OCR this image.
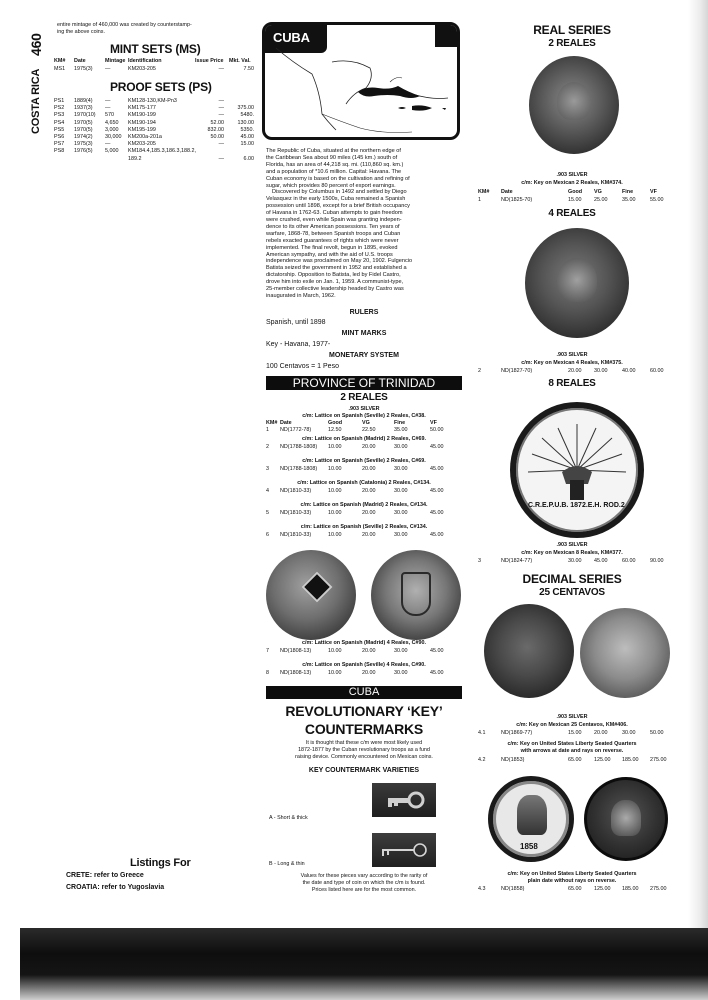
460
COSTA RICA
entire mintage of 460,000 was created by counterstamp-
ing the above coins.
MINT SETS (MS)
KM# Date	Mintage Identification	Issue Price Mkt. Val.
MS1 1975(3) —	KM203-205	—	7.50
PROOF SETS (PS)
PS1 1889(4) —	KM128-130,KM-Pn3	—
PS2 1937(3) —	KM175-177	—	375.00
PS3 1970(10) 570	KM190-199	—	5480.
PS4 1970(5) 4,650 KM190-194	52.00	130.00
PS5 1970(5) 3,000 KM195-199	832.00	5350.
PS6 1974(2) 30,000 KM200a-201a	50.00	45.00
PS7 1975(3) —	KM203-205	—	15.00
PS8 1976(5) 5,000 KM184.4,185.3,186.3,188.2,
189.2	—	6.00
Listings For
CRETE: refer to Greece
CROATIA: refer to Yugoslavia
CUBA
The Republic of Cuba, situated at the northern edge of
the Caribbean Sea about 90 miles (145 km.) south of
Florida, has an area of 44,218 sq. mi. (110,860 sq. km.)
and a population of *10.6 million. Capital: Havana. The
Cuban economy is based on the cultivation and refining of
sugar, which provides 80 percent of export earnings.
Discovered by Columbus in 1492 and settled by Diego
Velasquez in the early 1500s, Cuba remained a Spanish
possession until 1898, except for a brief British occupancy
of Havana in 1762-63. Cuban attempts to gain freedom
were crushed, even while Spain was granting indepen-
dence to its other American possessions. Ten years of
warfare, 1868-78, between Spanish troops and Cuban
rebels exacted guarantees of rights which were never
implemented. The final revolt, begun in 1895, evoked
American sympathy, and with the aid of U.S. troops
independence was proclaimed on May 20, 1902. Fulgencio
Batista seized the government in 1952 and established a
dictatorship. Opposition to Batista, led by Fidel Castro,
drove him into exile on Jan. 1, 1959. A communist-type,
25-member collective leadership headed by Castro was
inaugurated in March, 1962.
RULERS
Spanish, until 1898
MINT MARKS
Key - Havana, 1977-
MONETARY SYSTEM
100 Centavos = 1 Peso
PROVINCE OF TRINIDAD
2 REALES
.903 SILVER
KM# Date	Good	VG	Fine	VF
c/m: Lattice on Spanish (Seville) 2 Reales, C#38.
1 ND(1772-78)	12.50	22.50	35.00	50.00
c/m: Lattice on Spanish (Madrid) 2 Reales, C#69.
2 ND(1788-1808) 10.00	20.00	30.00	45.00
c/m: Lattice on Spanish (Seville) 2 Reales, C#69.
3 ND(1788-1808) 10.00	20.00	30.00	45.00
c/m: Lattice on Spanish (Catalonia) 2 Reales, C#134.
4 ND(1810-33)	10.00	20.00	30.00	45.00
c/m: Lattice on Spanish (Madrid) 2 Reales, C#134.
5 ND(1810-33)	10.00	20.00	30.00	45.00
c/m: Lattice on Spanish (Seville) 2 Reales, C#134.
6 ND(1810-33)	10.00	20.00	30.00	45.00
c/m: Lattice on Spanish (Madrid) 4 Reales, C#90.
7 ND(1808-13)	10.00	20.00	30.00	45.00
c/m: Lattice on Spanish (Seville) 4 Reales, C#90.
8 ND(1808-13)	10.00	20.00	30.00	45.00
CUBA
REVOLUTIONARY ‘KEY’
COUNTERMARKS
It is thought that these c/m were most likely used
1872-1877 by the Cuban revolutionary troops as a fund
raising device. Commonly encountered on Mexican coins.
KEY COUNTERMARK VARIETIES
A - Short & thick
B - Long & thin
Values for these pieces vary according to the rarity of
the date and type of coin on which the c/m is found.
Prices listed here are for the most common.
REAL SERIES
2 REALES
.903 SILVER
c/m: Key on Mexican 2 Reales, KM#374.
KM# Date	Good VG	Fine	VF
1	ND(1825-70)	15.00 25.00	35.00	55.00
4 REALES
.903 SILVER
c/m: Key on Mexican 4 Reales, KM#375.
2	ND(1827-70)	20.00 30.00	40.00	60.00
8 REALES
C.R.E.P.U.B. 1872.E.H. ROD.2
.903 SILVER
c/m: Key on Mexican 8 Reales, KM#377.
3	ND(1824-77)	30.00 45.00	60.00	90.00
DECIMAL SERIES
25 CENTAVOS
.903 SILVER
c/m: Key on Mexican 25 Centavos, KM#406.
4.1	ND(1869-77)	15.00 20.00	30.00	50.00
c/m: Key on United States Liberty Seated Quarters
with arrows at date and rays on reverse.
4.2	ND(1853)	65.00 125.00 185.00 275.00
1858
c/m: Key on United States Liberty Seated Quarters
plain date without rays on reverse.
4.3	ND(1858)	65.00 125.00 185.00 275.00
